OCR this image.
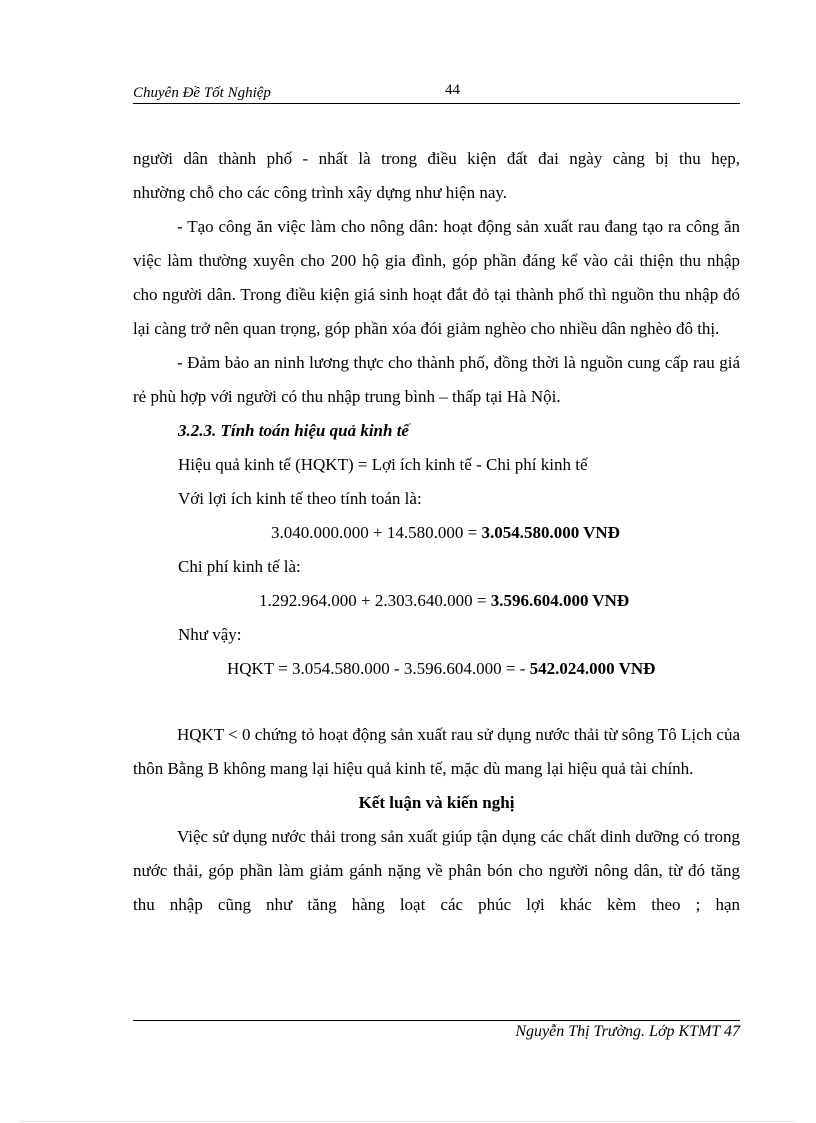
Chuyên Đề Tốt Nghiệp	44

người dân thành phố - nhất là trong điều kiện đất đai ngày càng bị thu hẹp,

nhường chỗ cho các công trình xây dựng như hiện nay.

- Tạo công ăn việc làm cho nông dân: hoạt động sản xuất rau đang tạo ra công ăn việc làm thường xuyên cho 200 hộ gia đình, góp phần đáng kể vào cải thiện thu nhập cho người dân. Trong điều kiện giá sinh hoạt đắt đỏ tại thành phố thì nguồn thu nhập đó lại càng trở nên quan trọng, góp phần xóa đói giảm nghèo cho nhiều dân nghèo đô thị.

- Đảm bảo an ninh lương thực cho thành phố, đồng thời là nguồn cung cấp rau giá rẻ phù hợp với người có thu nhập trung bình – thấp tại Hà Nội.

3.2.3. Tính toán hiệu quả kinh tế

Hiệu quả kinh tế (HQKT) = Lợi ích kinh tế - Chi phí kinh tế

Với lợi ích kinh tế theo tính toán là:

3.040.000.000 + 14.580.000 = 3.054.580.000 VNĐ

Chi phí kinh tế là:

1.292.964.000 + 2.303.640.000 = 3.596.604.000 VNĐ

Như vậy:

HQKT = 3.054.580.000 - 3.596.604.000 = - 542.024.000 VNĐ

HQKT < 0 chứng tỏ hoạt động sản xuất rau sử dụng nước thải từ sông Tô Lịch của thôn Bằng B không mang lại hiệu quả kinh tế, mặc dù mang lại hiệu quả tài chính.

Kết luận và kiến nghị

Việc sử dụng nước thải trong sản xuất giúp tận dụng các chất dinh dưỡng có trong nước thải, góp phần làm giảm gánh nặng về phân bón cho người nông dân, từ đó tăng thu nhập cũng như tăng hàng loạt các phúc lợi khác kèm theo ; hạn

Nguyễn Thị Trường. Lớp KTMT 47
